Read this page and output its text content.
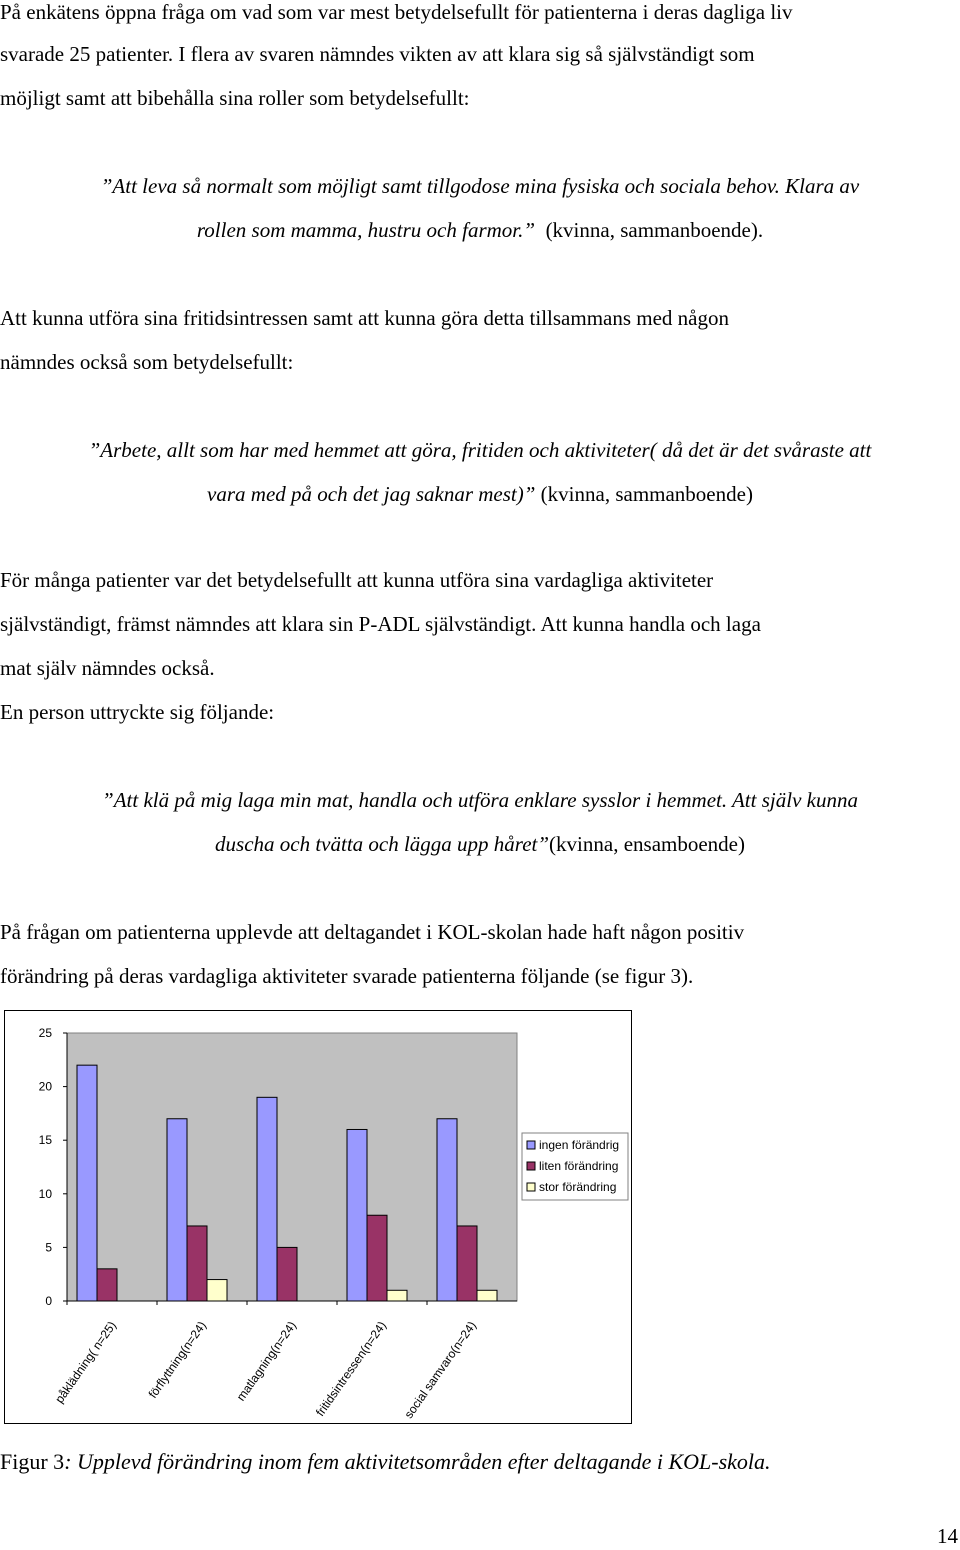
På enkätens öppna fråga om vad som var mest betydelsefullt för patienterna i deras dagliga liv

svarade 25 patienter. I flera av svaren nämndes vikten av att klara sig så självständigt som

möjligt samt att bibehålla sina roller som betydelsefullt:

”Att leva så normalt som möjligt samt tillgodose mina fysiska och sociala behov. Klara av

rollen som mamma, hustru och farmor.” (kvinna, sammanboende).

Att kunna utföra sina fritidsintressen samt att kunna göra detta tillsammans med någon

nämndes också som betydelsefullt:

”Arbete, allt som har med hemmet att göra, fritiden och aktiviteter( då det är det svåraste att

vara med på och det jag saknar mest)” (kvinna, sammanboende)

För många patienter var det betydelsefullt att kunna utföra sina vardagliga aktiviteter

självständigt, främst nämndes att klara sin P-ADL självständigt. Att kunna handla och laga

mat själv nämndes också.

En person uttryckte sig följande:

”Att klä på mig laga min mat, handla och utföra enklare sysslor i hemmet. Att själv kunna

duscha och tvätta och lägga upp håret”(kvinna, ensamboende)

På frågan om patienterna upplevde att deltagandet i KOL-skolan hade haft någon positiv

förändring på deras vardagliga aktiviteter svarade patienterna följande (se figur 3).

0
5
10
15
20
25
påklädning( n=25) förflyttning(n=24) matlagning(n=24) fritidsintressen(n=24) social samvaro(n=24)
ingen förändrig
liten förändring
stor förändring
Figur 3: Upplevd förändring inom fem aktivitetsområden efter deltagande i KOL-skola.
14
